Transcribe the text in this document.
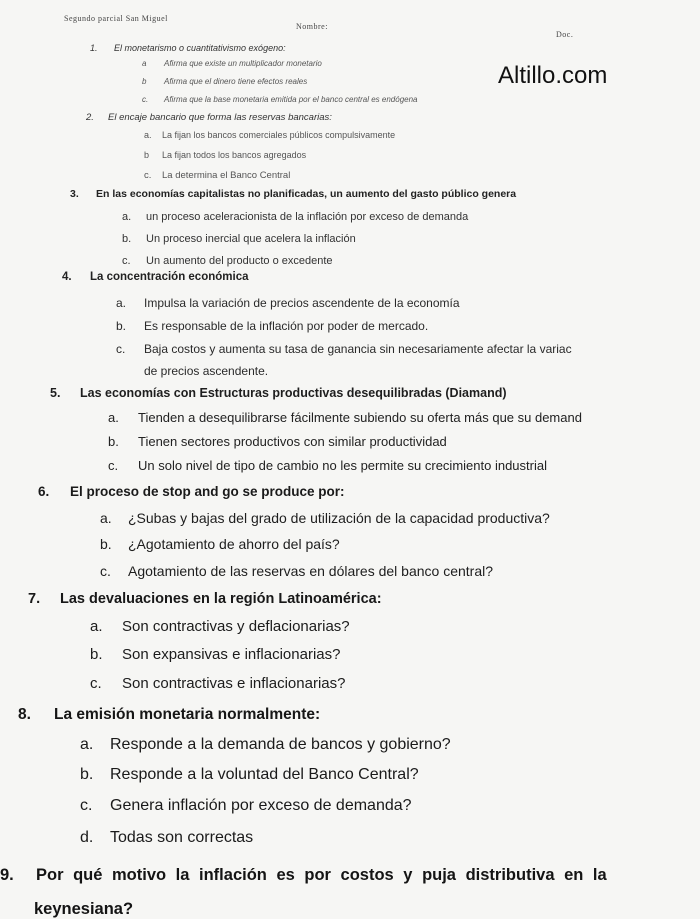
Segundo parcial San Miguel
Nombre:
Doc.
Altillo.com
1. El monetarismo o cuantitativismo exógeno:
a Afirma que existe un multiplicador monetario
b Afirma que el dinero tiene efectos reales
c. Afirma que la base monetaria emitida por el banco central es endógena
2. El encaje bancario que forma las reservas bancarias:
a. La fijan los bancos comerciales públicos compulsivamente
b La fijan todos los bancos agregados
c. La determina el Banco Central
3. En las economías capitalistas no planificadas, un aumento del gasto público genera
a. un proceso aceleracionista de la inflación por exceso de demanda
b. Un proceso inercial que acelera la inflación
c. Un aumento del producto o excedente
4. La concentración económica
a. Impulsa la variación de precios ascendente de la economía
b. Es responsable de la inflación por poder de mercado.
c. Baja costos y aumenta su tasa de ganancia sin necesariamente afectar la variac
de precios ascendente.
5. Las economías con Estructuras productivas desequilibradas (Diamand)
a. Tienden a desequilibrarse fácilmente subiendo su oferta más que su demand
b. Tienen sectores productivos con similar productividad
c. Un solo nivel de tipo de cambio no les permite su crecimiento industrial
6. El proceso de stop and go se produce por:
a. ¿Subas y bajas del grado de utilización de la capacidad productiva?
b. ¿Agotamiento de ahorro del país?
c. Agotamiento de las reservas en dólares del banco central?
7. Las devaluaciones en la región Latinoamérica:
a. Son contractivas y deflacionarias?
b. Son expansivas e inflacionarias?
c. Son contractivas e inflacionarias?
8. La emisión monetaria normalmente:
a. Responde a la demanda de bancos y gobierno?
b. Responde a la voluntad del Banco Central?
c. Genera inflación por exceso de demanda?
d. Todas son correctas
9. Por qué motivo la inflación es por costos y puja distributiva en la
keynesiana?
